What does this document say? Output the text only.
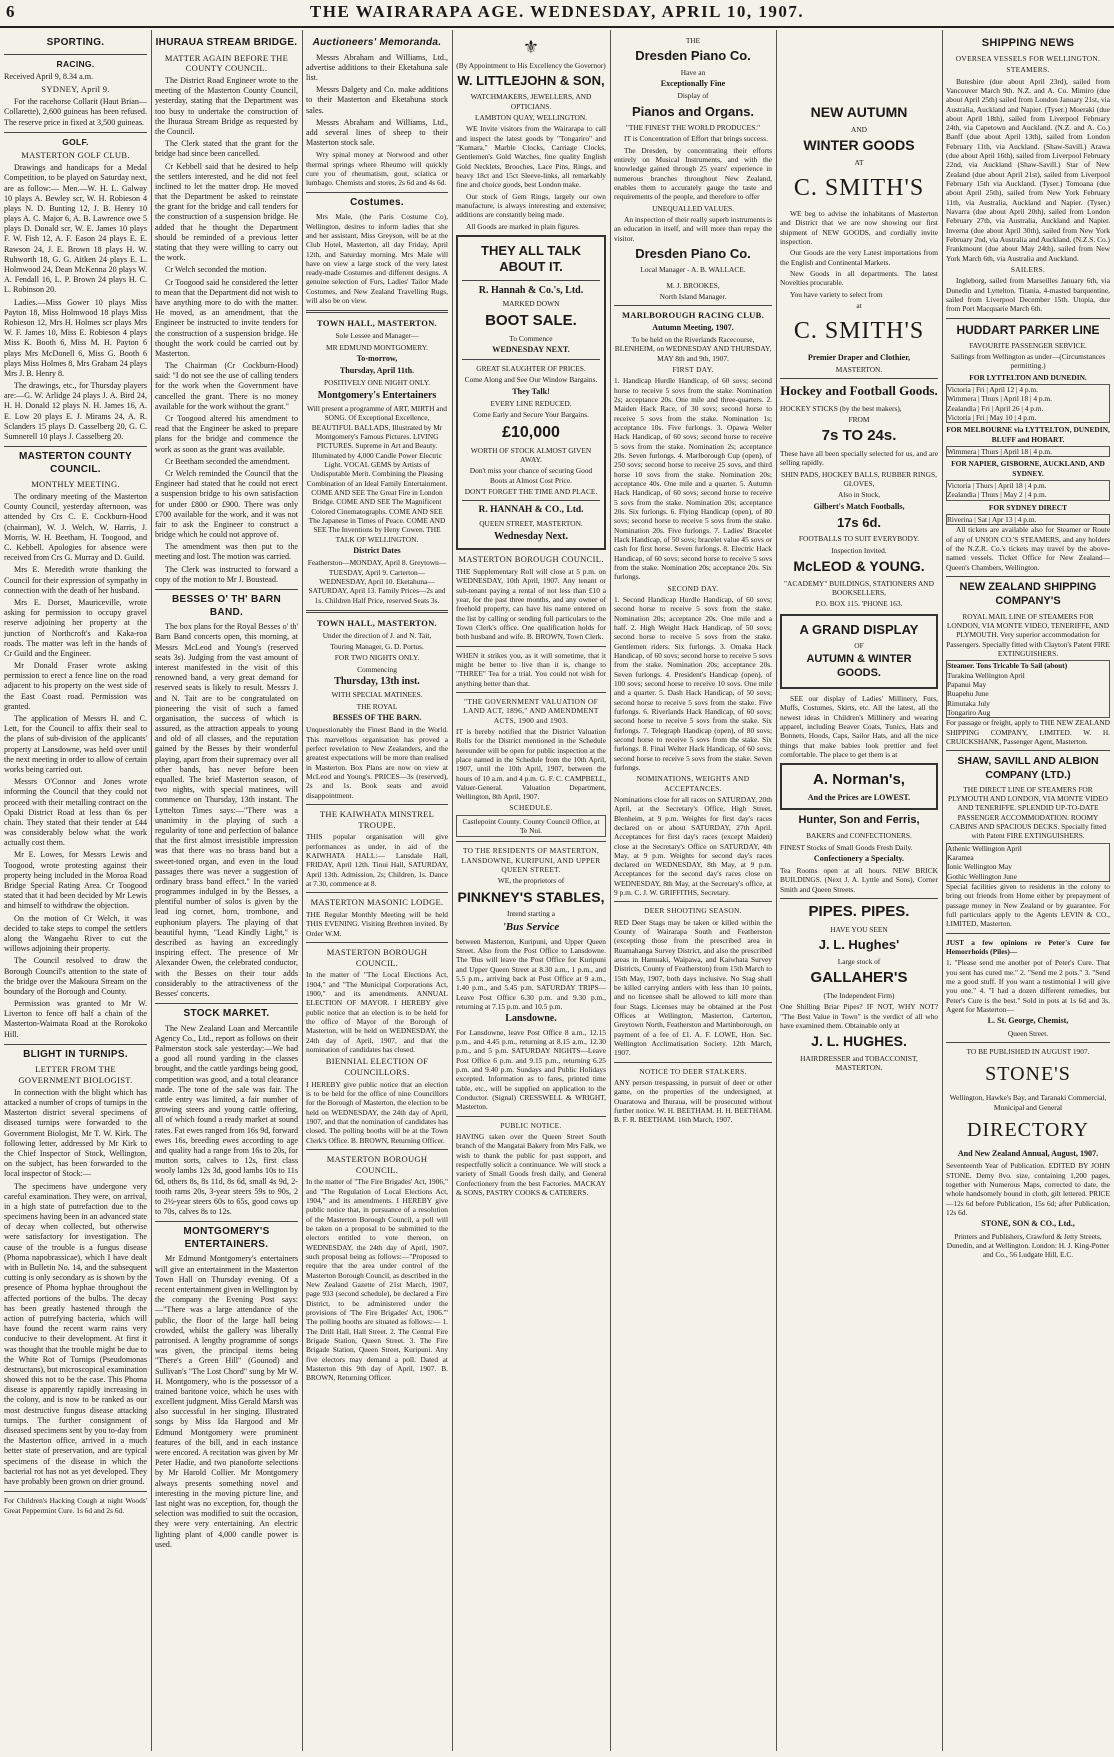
6	THE WAIRARAPA AGE. WEDNESDAY, APRIL 10, 1907.
SPORTING.
RACING.

Received April 9, 8.34 a.m.

SYDNEY, April 9.

For the racehorse Collarit (Haut Brian—Collarette), 2,600 guineas has been refused. The reserve price in fixed at 3,500 guineas.

GOLF.
MASTERTON GOLF CLUB.

Drawings and handicaps for a Medal Competition, to be played on Saturday next, are as follow:— Men.—W. H. L. Galway 10 plays A. Bewley scr, W. H. Robieson 4 plays N. D. Bunting 12, J. B. Henry 10 plays A. C. Major 6, A. B. Lawrence owe 5 plays D. Donald scr, W. E. James 10 plays F. W. Fish 12, A. F. Eason 24 plays E. E. Rawson 24, J. E. Brown 18 plays H. W. Ruhworth 18, G. G. Aitken 24 plays E. L. Holmwood 24, Dean McKenna 20 plays W. A. Fendall 16, L. P. Brown 24 plays H. C. L. Robinson 20.

Ladies.—Miss Gower 10 plays Miss Payton 18, Miss Holmwood 18 plays Miss Robieson 12, Mrs H. Holmes scr plays Mrs W. F. James 10, Miss E. Robieson 4 plays Miss K. Booth 6, Miss M. H. Payton 6 plays Mrs McDonell 6, Miss G. Booth 6 plays Miss Holmes 8, Mrs Graham 24 plays Mrs J. B. Henry 8.

The drawings, etc., for Thursday players are:—G. W. Arlidge 24 plays J. A. Bird 24, H. H. Donald 12 plays N. H. James 16, A. E. Low 20 plays E. J. Mirams 24, A. R. Sclanders 15 plays D. Casselberg 20, G. C. Sumnerell 10 plays J. Casselberg 20.

MASTERTON COUNTY COUNCIL.
MONTHLY MEETING.

The ordinary meeting of the Masterton County Council, yesterday afternoon, was attended by Crs C. E. Cockburn-Hood (chairman), W. J. Welch, W. Harris, J. Morris, W. H. Beetham, H. Toogood, and C. Kebbell. Apologies for absence were received from Crs G. Murray and D. Guild.

Mrs E. Meredith wrote thanking the Council for their expression of sympathy in connection with the death of her husband.

Mrs E. Dorset, Mauriceville, wrote asking for permission to occupy gravel reserve adjoining her property at the junction of Northcroft's and Kaka-roa roads. The matter was left in the hands of Cr Guild and the Engineer.

Mr Donald Fraser wrote asking permission to erect a fence line on the road adjacent to his property on the west side of the East Coast road. Permission was granted.

The application of Messrs H. and C. Lett, for the Council to affix their seal to the plans of sub-division of the applicants' property at Lansdowne, was held over until the next meeting in order to allow of certain works being carried out.

Messrs O'Connor and Jones wrote informing the Council that they could not proceed with their metalling contract on the Opaki District Road at less than 6s per chain. They stated that their tender at £44 was considerably below what the work actually cost them.

Mr E. Lowes, for Messrs Lewis and Toogood, wrote protesting against their property being included in the Moroa Road Bridge Special Rating Area. Cr Toogood stated that it had been decided by Mr Lewis and himself to withdraw the objection.

On the motion of Cr Welch, it was decided to take steps to compel the settlers along the Wangaehu River to cut the willows adjoining their property.

The Council resolved to draw the Borough Council's attention to the state of the bridge over the Makoura Stream on the boundary of the Borough and County.

Permission was granted to Mr W. Liverton to fence off half a chain of the Masterton-Waimata Road at the Rorokoko Hill.

BLIGHT IN TURNIPS.
LETTER FROM THE GOVERNMENT BIOLOGIST.

In connection with the blight which has attacked a number of crops of turnips in the Masterton district several specimens of diseased turnips were forwarded to the Government Biologist, Mr T. W. Kirk. The following letter, addressed by Mr Kirk to the Chief Inspector of Stock, Wellington, on the subject, has been forwarded to the local inspector of Stock:—

The specimens have undergone very careful examination. They were, on arrival, in a high state of putrefaction due to the specimens having been in an advanced state of decay when collected, but otherwise were satisfactory for investigation. The cause of the trouble is a fungus disease (Phoma napobrassicae), which I have dealt with in Bulletin No. 14, and the subsequent cutting is only secondary as is shown by the presence of Phoma hyphae throughout the affected portions of the bulbs. The decay has been greatly hastened through the action of putrefying bacteria, which will have found the recent warm rains very conducive to their development. At first it was thought that the trouble might be due to the White Rot of Turnips (Pseudomonas destructans), but microscopical examination showed this not to be the case. This Phoma disease is apparently rapidly increasing in the colony, and is now to be ranked as our most destructive fungus disease attacking turnips. The further consignment of diseased specimens sent by you to-day from the Masterton office, arrived in a much better state of preservation, and are typical specimens of the disease in which the bacterial rot has not as yet developed. They have probably been grown on drier ground.

For Children's Hacking Cough at night Woods' Great Peppermint Cure. 1s 6d and 2s 6d.

IHURAUA STREAM BRIDGE.
MATTER AGAIN BEFORE THE COUNTY COUNCIL.

The District Road Engineer wrote to the meeting of the Masterton County Council, yesterday, stating that the Department was too busy to undertake the construction of the Ihuraua Stream Bridge as requested by the Council.

The Clerk stated that the grant for the bridge had since been cancelled.

Cr Kebbell said that he desired to help the settlers interested, and he did not feel inclined to let the matter drop. He moved that the Department be asked to reinstate the grant for the bridge and call tenders for the construction of a suspension bridge. He added that he thought the Department should be reminded of a previous letter stating that they were willing to carry out the work.

Cr Welch seconded the motion.

Cr Toogood said he considered the letter to mean that the Department did not wish to have anything more to do with the matter. He moved, as an amendment, that the Engineer be instructed to invite tenders for the construction of a suspension bridge. He thought the work could be carried out by Masterton.

The Chairman (Cr Cockburn-Hood) said: "I do not see the use of calling tenders for the work when the Government have cancelled the grant. There is no money available for the work without the grant."

Cr Toogood altered his amendment to read that the Engineer be asked to prepare plans for the bridge and commence the work as soon as the grant was available.

Cr Beetham seconded the amendment.

Cr Welch reminded the Council that the Engineer had stated that he could not erect a suspension bridge to his own satisfaction for under £800 or £900. There was only £700 available for the work, and it was not fair to ask the Engineer to construct a bridge which he could not approve of.

The amendment was then put to the meeting and lost. The motion was carried.

The Clerk was instructed to forward a copy of the motion to Mr J. Boustead.

BESSES O' TH' BARN BAND.

The box plans for the Royal Besses o' th' Barn Band concerts open, this morning, at Messrs McLeod and Young's (reserved seats 3s). Judging from the vast amount of interest manifested in the visit of this renowned band, a very great demand for reserved seats is likely to result. Messrs J. and N. Tait are to be congratulated on pioneering the visit of such a famed organisation, the success of which is assured, as the attraction appeals to young and old of all classes, and the reputation gained by the Besses by their wonderful playing, apart from their supremacy over all other bands, has never before been equalled. The brief Masterton season, of two nights, with special matinees, will commence on Thursday, 13th instant. The Lyttelton Times says:—"There was a unanimity in the playing of such a regularity of tone and perfection of balance that the first almost irresistible impression was that there was no brass band but a sweet-toned organ, and even in the loud passages there was never a suggestion of ordinary brass band effect." In the varied programmes indulged in by the Besses, a plentiful number of solos is given by the lead ing cornet, horn, trombone, and euphonium players. The playing of that beautiful hymn, "Lead Kindly Light," is described as having an exceedingly inspiring effect. The presence of Mr Alexander Owen, the celebrated conductor, with the Besses on their tour adds considerably to the attractiveness of the Besses' concerts.

STOCK MARKET.

The New Zealand Loan and Mercantile Agency Co., Ltd., report as follows on their Palmerston stock sale yesterday:—We had a good all round yarding in the classes brought, and the cattle yardings being good, competition was good, and a total clearance made. The tone of the sale was fair. The cattle entry was limited, a fair number of growing steers and young cattle offering, all of which found a ready market at sound rates. Fat ewes ranged from 16s 9d, forward ewes 16s, breeding ewes according to age and quality had a range from 16s to 20s, for mutton sorts, calves to 12s, first class wooly lambs 12s 3d, good lambs 10s to 11s 6d, others 8s, 8s 11d, 8s 6d, small 4s 9d, 2-tooth rams 20s, 3-year steers 59s to 90s, 2 to 2½-year steers 60s to 65s, good cows up to 70s, calves 8s to 12s.

MONTGOMERY'S ENTERTAINERS.

Mr Edmund Montgomery's entertainers will give an entertainment in the Masterton Town Hall on Thursday evening. Of a recent entertainment given in Wellington by the company the Evening Post says:—"There was a large attendance of the public, the floor of the large hall being crowded, whilst the gallery was liberally patronised. A lengthy programme of songs was given, the principal items being "There's a Green Hill" (Gounod) and Sullivan's "The Lost Chord" sung by Mr W. H. Montgomery, who is the possessor of a trained baritone voice, which he uses with excellent judgment. Miss Gerald Marsh was also successful in her singing. Illustrated songs by Miss Ida Hargood and Mr Edmund Montgomery were prominent features of the bill, and in each instance were encored. A recitation was given by Mr Peter Hadie, and two pianoforte selections by Mr Harold Collier. Mr Montgomery always presents something novel and interesting in the moving picture line, and last night was no exception, for, though the selection was modified to suit the occasion, they were very entertaining. An electric lighting plant of 4,000 candle power is used.

Auctioneers' Memoranda.

Messrs Abraham and Williams, Ltd., advertise additions to their Eketahuna sale list.

Messrs Dalgety and Co. make additions to their Masterton and Eketahuna stock sales.

Messrs Abraham and Williams, Ltd., add several lines of sheep to their Masterton stock sale.

Wry spinal money at Norwood and other thermal springs where Rheumo will quickly cure you of rheumatism, gout, sciatica or lumbago. Chemists and stores, 2s 6d and 4s 6d.

Costumes.

Mrs Male, (the Paris Costume Co), Wellington, desires to inform ladies that she and her assistant, Miss Greyson, will be at the Club Hotel, Masterton, all day Friday, April 12th, and Saturday morning. Mrs Male will have on view a large stock of the very latest ready-made Costumes and different designs. A genuine selection of Furs, Ladies' Tailor Made Costumes, and New Zealand Travelling Rugs, will also be on view.

TOWN HALL, MASTERTON.
Sole Lessee and Manager—
MR EDMUND MONTGOMERY.
To-morrow,
Thursday, April 11th.
POSITIVELY ONE NIGHT ONLY.
Montgomery's Entertainers

Will present a programme of ART, MIRTH and SONG. Of Exceptional Excellence, BEAUTIFUL BALLADS, Illustrated by Mr Montgomery's Famous Pictures. LIVING PICTURES. Supreme in Art and Beauty. Illuminated by 4,000 Candle Power Electric Light. VOCAL GEMS by Artists of Undisputable Merit. Combining the Pleasing Combination of an Ideal Family Entertainment. COME AND SEE The Great Fire in London Bridge. COME AND SEE The Magnificent Colored Cinematographs. COME AND SEE The Japanese in Times of Peace. COME AND SEE The Inventions by Heny Cowen. THE TALK OF WELLINGTON.

District Dates

Featherston—MONDAY, April 8. Greytown—TUESDAY, April 9. Carterton—WEDNESDAY, April 10. Eketahuna—SATURDAY, April 13. Family Prices—2s and 1s. Children Half Price, reserved Seats 3s.

TOWN HALL, MASTERTON.
Under the direction of J. and N. Tait,
Touring Manager, G. D. Portus.
FOR TWO NIGHTS ONLY.
Commencing
Thursday, 13th inst.
WITH SPECIAL MATINEES.
THE ROYAL
BESSES OF THE BARN.

Unquestionably the Finest Band in the World. This marvellous organisation has proved a perfect revelation to New Zealanders, and the greatest expectations will be more than realised in Masterton. Box Plans are now on view at McLeod and Young's. PRICES—3s (reserved), 2s and 1s. Book seats and avoid disappointment.

THE KAIWHATA MINSTREL TROUPE.

THIS popular organisation will give performances as under, in aid of the KAIWHATA HALL:— Lansdale Hall, FRIDAY, April 12th. Tinui Hall, SATURDAY, April 13th. Admission, 2s; Children, 1s. Dance at 7.30, commence at 8.

MASTERTON MASONIC LODGE.

THE Regular Monthly Meeting will be held THIS EVENING. Visiting Brethren invited. By Order W.M.

MASTERTON BOROUGH COUNCIL.

In the matter of "The Local Elections Act, 1904," and "The Municipal Corporations Act, 1900," and its amendments. ANNUAL ELECTION OF MAYOR. I HEREBY give public notice that an election is to be held for the office of Mayor of the Borough of Masterton, will be held on WEDNESDAY, the 24th day of April, 1907, and that the nomination of candidates has closed.

BIENNIAL ELECTION OF COUNCILLORS.

I HEREBY give public notice that an election is to be held for the office of nine Councillors for the Borough of Masterton, the election to be held on WEDNESDAY, the 24th day of April, 1907, and that the nomination of candidates has closed. The polling booths will be at the Town Clerk's Office. B. BROWN, Returning Officer.

MASTERTON BOROUGH COUNCIL.

In the matter of "The Fire Brigades' Act, 1906," and "The Regulation of Local Elections Act, 1904," and its amendments. I HEREBY give public notice that, in pursuance of a resolution of the Masterton Borough Council, a poll will be taken on a proposal to be submitted to the electors entitled to vote thereon, on WEDNESDAY, the 24th day of April, 1907, such proposal being as follows:—"Proposed to require that the area under control of the Masterton Borough Council, as described in the New Zealand Gazette of 21st March, 1907, page 933 (second schedule), be declared a Fire District, to be administered under the provisions of 'The Fire Brigades' Act, 1906.'" The polling booths are situated as follows:— 1. The Drill Hall, Hall Street. 2. The Central Fire Brigade Station, Queen Street. 3. The Fire Brigade Station, Queen Street, Kuripuni. Any five electors may demand a poll. Dated at Masterton this 9th day of April, 1907. B. BROWN, Returning Officer.

⚜
(By Appointment to His Excellency the Governor)
W. LITTLEJOHN & SON,
WATCHMAKERS, JEWELLERS, AND OPTICIANS.
LAMBTON QUAY, WELLINGTON.

WE Invite visitors from the Wairarapa to call and inspect the latest goods by "Tongariro" and "Kumara." Marble Clocks, Carriage Clocks, Gentlemen's Gold Watches, fine quality English Gold Necklets, Brooches, Lace Pins, Rings, and heavy 18ct and 15ct Sleeve-links, all remarkably fine and choice goods, best London make.

Our stock of Gem Rings, largely our own manufacture, is always interesting and extensive; additions are constantly being made.

All Goods are marked in plain figures.

THEY ALL TALK ABOUT IT.
R. Hannah & Co.'s, Ltd.
MARKED DOWN
BOOT SALE.
To Commence
WEDNESDAY NEXT.
GREAT SLAUGHTER OF PRICES.
Come Along and See Our Window Bargains.
They Talk!
EVERY LINE REDUCED.
Come Early and Secure Your Bargains.
£10,000
WORTH OF STOCK ALMOST GIVEN AWAY.
Don't miss your chance of securing Good Boots at Almost Cost Price.
DON'T FORGET THE TIME AND PLACE.
R. HANNAH & CO., Ltd.
QUEEN STREET, MASTERTON.
Wednesday Next.
MASTERTON BOROUGH COUNCIL.

THE Supplementary Roll will close at 5 p.m. on WEDNESDAY, 10th April, 1907. Any tenant or sub-tenant paying a rental of not less than £10 a year, for the past three months, and any owner of freehold property, can have his name entered on the list by calling or sending full particulars to the Town Clerk's office. One qualification holds for both husband and wife. B. BROWN, Town Clerk.

WHEN it strikes you, as it will sometime, that it might be better to live than it is, change to "THREE" Tea for a trial. You could not wish for anything better than that.

"THE GOVERNMENT VALUATION OF LAND ACT, 1896," AND AMENDMENT ACTS, 1900 and 1903.

IT is hereby notified that the District Valuation Rolls for the District mentioned in the Schedule hereunder will be open for public inspection at the place named in the Schedule from the 10th April, 1907, until the 10th April, 1907, between the hours of 10 a.m. and 4 p.m. G. F. C. CAMPBELL, Valuer-General. Valuation Department, Wellington, 8th April, 1907.

SCHEDULE.
Castlepoint County. County Council Office, at Te Nui.
TO THE RESIDENTS OF MASTERTON, LANSDOWNE, KURIPUNI, AND UPPER QUEEN STREET.
WE, the proprietors of
PINKNEY'S STABLES,
Intend starting a
'Bus Service

between Masterton, Kuripuni, and Upper Queen Street. Also from the Post Office to Lansdowne. The 'Bus will leave the Post Office for Kuripuni and Upper Queen Street at 8.30 a.m., 1 p.m., and 5.5 p.m., arriving back at Post Office at 9 a.m., 1.40 p.m., and 5.45 p.m. SATURDAY TRIPS—Leave Post Office 6.30 p.m. and 9.30 p.m., returning at 7.15 p.m. and 10.5 p.m.

Lansdowne.

For Lansdowne, leave Post Office 8 a.m., 12.15 p.m., and 4.45 p.m., returning at 8.15 a.m., 12.30 p.m., and 5 p.m. SATURDAY NIGHTS—Leave Post Office 6 p.m. and 9.15 p.m., returning 6.25 p.m. and 9.40 p.m. Sundays and Public Holidays excepted. Information as to fares, printed time table, etc., will be supplied on application to the Conductor. (Signal) CRESSWELL & WRIGHT, Masterton.

PUBLIC NOTICE.

HAVING taken over the Queen Street South branch of the Mangatai Bakery from Mrs Falk, we wish to thank the public for past support, and respectfully solicit a continuance. We will stock a variety of Small Goods fresh daily, and General Confectionery from the best Factories. MACKAY & SONS, PASTRY COOKS & CATERERS.

THE
Dresden Piano Co.
Have an
Exceptionally Fine
Display of
Pianos and Organs.
"THE FINEST THE WORLD PRODUCES."

IT is Concentration of Effort that brings success.

The Dresden, by concentrating their efforts entirely on Musical Instruments, and with the knowledge gained through 25 years' experience in numerous branches throughout New Zealand, enables them to accurately gauge the taste and requirements of the people, and therefore to offer

UNEQUALLED VALUES.

An inspection of their really superb instruments is an education in itself, and will more than repay the visitor.

Dresden Piano Co.
Local Manager - A. B. WALLACE.
M. J. BROOKES,
North Island Manager.
MARLBOROUGH RACING CLUB.
Autumn Meeting, 1907.

To be held on the Riverlands Racecourse, BLENHEIM, on WEDNESDAY AND THURSDAY, MAY 8th and 9th, 1907.

FIRST DAY.

1. Handicap Hurdle Handicap, of 60 sovs; second horse to receive 5 sovs from the stake. Nomination 2s; acceptance 20s. One mile and three-quarters. 2. Maiden Hack Race, of 30 sovs; second horse to receive 5 sovs from the stake. Nomination 1s; acceptance 10s. Five furlongs. 3. Opawa Welter Hack Handicap, of 60 sovs; second horse to receive 5 sovs from the stake. Nomination 2s; acceptance 20s. Seven furlongs. 4. Marlborough Cup (open), of 250 sovs; second horse to receive 25 sovs, and third horse 10 sovs from the stake. Nomination 20s; acceptance 40s. One mile and a quarter. 5. Autumn Hack Handicap, of 60 sovs; second horse to receive 5 sovs from the stake. Nomination 20s; acceptance 20s. Six furlongs. 6. Flying Handicap (open), of 80 sovs; second horse to receive 5 sovs from the stake. Nomination 20s. Five furlongs. 7. Ladies' Bracelet Hack Handicap, of 50 sovs; bracelet value 45 sovs or cash for first horse. Seven furlongs. 8. Electric Hack Handicap, of 60 sovs; second horse to receive 5 sovs from the stake. Nomination 20s; acceptance 20s. Six furlongs.

SECOND DAY.

1. Second Handicap Hurdle Handicap, of 60 sovs; second horse to receive 5 sovs from the stake. Nomination 20s; acceptance 20s. One mile and a half. 2. High Weight Hack Handicap, of 50 sovs; second horse to receive 5 sovs from the stake. Gentlemen riders. Six furlongs. 3. Omaka Hack Handicap, of 60 sovs; second horse to receive 5 sovs from the stake. Nomination 20s; acceptance 20s. Seven furlongs. 4. President's Handicap (open), of 100 sovs; second horse to receive 10 sovs. One mile and a quarter. 5. Dash Hack Handicap, of 50 sovs; second horse to receive 5 sovs from the stake. Five furlongs. 6. Riverlands Hack Handicap, of 60 sovs; second horse to receive 5 sovs from the stake. Six furlongs. 7. Telegraph Handicap (open), of 80 sovs; second horse to receive 5 sovs from the stake. Six furlongs. 8. Final Welter Hack Handicap, of 60 sovs; second horse to receive 5 sovs from the stake. Seven furlongs.

NOMINATIONS, WEIGHTS AND ACCEPTANCES.

Nominations close for all races on SATURDAY, 20th April, at the Secretary's Office, High Street, Blenheim, at 9 p.m. Weights for first day's races declared on or about SATURDAY, 27th April. Acceptances for first day's races (except Maiden) close at the Secretary's Office on SATURDAY, 4th May, at 9 p.m. Weights for second day's races declared on WEDNESDAY, 8th May, at 9 p.m. Acceptances for the second day's races close on WEDNESDAY, 8th May, at the Secretary's office, at 9 p.m. C. J. W. GRIFFITHS, Secretary.

DEER SHOOTING SEASON.

RED Deer Stags may be taken or killed within the County of Wairarapa South and Featherston (excepting those from the prescribed area in Ruamahanga Survey District, and also the prescribed areas in Hamuaki, Waipawa, and Kaiwhata Survey Districts, County of Featherston) from 15th March to 15th May, 1907, both days inclusive. No Stag shall be killed carrying antlers with less than 10 points, and no licensee shall be allowed to kill more than four Stags. Licenses may be obtained at the Post Offices at Wellington, Masterton, Carterton, Greytown North, Featherston and Martinborough, on payment of a fee of £1. A. F. LOWE, Hon. Sec. Wellington Acclimatisation Society. 12th March, 1907.

NOTICE TO DEER STALKERS.

ANY person trespassing, in pursuit of deer or other game, on the properties of the undersigned, at Ouaratowa and Ihuraua, will be prosecuted without further notice. W. H. BEETHAM. H. H. BEETHAM. B. F. R. BEETHAM. 16th March, 1907.

NEW AUTUMN
AND
WINTER GOODS
AT
C. SMITH'S

WE beg to advise the inhabitants of Masterton and District that we are now showing our first shipment of NEW GOODS, and cordially invite inspection.

Our Goods are the very Latest importations from the English and Continental Markets.

New Goods in all departments. The latest Novelties procurable.

You have variety to select from

at
C. SMITH'S
Premier Draper and Clothier,
MASTERTON.
Hockey and Football Goods.

HOCKEY STICKS (by the best makers),

FROM
7s TO 24s.

These have all been specially selected for us, and are selling rapidly.

SHIN PADS, HOCKEY BALLS, RUBBER RINGS, GLOVES,
Also in Stock,
Gilbert's Match Footballs,
17s 6d.
FOOTBALLS TO SUIT EVERYBODY.
Inspection Invited.
McLEOD & YOUNG.
"ACADEMY" BUILDINGS, STATIONERS AND BOOKSELLERS,
P.O. BOX 115. 'PHONE 163.
A GRAND DISPLAY
OF
AUTUMN & WINTER GOODS.

SEE our display of Ladies' Millinery, Furs, Muffs, Costumes, Skirts, etc. All the latest, all the newest ideas in Children's Millinery and wearing apparel, including Beaver Coats, Tunics, Hats and Bonnets, Hoods, Caps, Sailor Hats, and all the nice things that make babies look prettier and feel comfortable. The place to get them is at

A. Norman's,
And the Prices are LOWEST.
Hunter, Son and Ferris,
BAKERS and CONFECTIONERS.

FINEST Stocks of Small Goods Fresh Daily.

Confectionery a Specialty.

Tea Rooms open at all hours. NEW BRICK BUILDINGS. (Next J. A. Lyttle and Sons), Corner Smith and Queen Streets.

PIPES. PIPES.
HAVE YOU SEEN
J. L. Hughes'
Large stock of
GALLAHER'S
(The Independent Firm)

One Shilling Briar Pipes? IF NOT, WHY NOT? "The Best Value in Town" is the verdict of all who have examined them. Obtainable only at

J. L. HUGHES.
HAIRDRESSER and TOBACCONIST, MASTERTON.
SHIPPING NEWS
OVERSEA VESSELS FOR WELLINGTON.
STEAMERS.

Buteshire (due about April 23rd), sailed from Vancouver March 9th. N.Z. and A. Co. Mimiro (due about April 25th) sailed from London January 21st, via Australia, Auckland and Napier. (Tyser.) Moeraki (due about April 18th), sailed from Liverpool February 24th, via Capetown and Auckland. (N.Z. and A. Co.) Banff (due about April 13th), sailed from London February 11th, via Auckland. (Shaw-Savill.) Arawa (due about April 16th), sailed from Liverpool February 22nd, via Auckland (Shaw-Savill.) Star of New Zealand (due about April 21st), sailed from Liverpool February 15th via Auckland. (Tyser.) Tomoana (due about April 25th), sailed from New York February 11th, via Australia, Auckland and Napier. (Tyser.) Navarra (due about April 20th), sailed from London February 27th, via Australia, Auckland and Napier. Inverna (due about April 30th), sailed from New York February 2nd, via Australia and Auckland. (N.Z.S. Co.) Frankmount (due about May 24th), sailed from New York March 6th, via Australia and Auckland.

SAILERS.

Ingleborg, sailed from Marseilles January 6th, via Dunedin and Lyttelton. Titania, 4-masted barquentine, sailed from Liverpool December 15th. Utopia, due from Port Macquarie March 6th.

HUDDART PARKER LINE
FAVOURITE PASSENGER SERVICE.
Sailings from Wellington as under—(Circumstances permitting.)
FOR LYTTELTON AND DUNEDIN.
Victoria | Fri | April 12 | 4 p.m.
Wimmera | Thurs | April 18 | 4 p.m.
Zealandia | Fri | April 26 | 4 p.m.
Victoria | Fri | May 10 | 4 p.m.
FOR MELBOURNE via LYTTELTON, DUNEDIN, BLUFF and HOBART.
Wimmera | Thurs | April 18 | 4 p.m.
FOR NAPIER, GISBORNE, AUCKLAND, AND SYDNEY.
Victoria | Thurs | April 18 | 4 p.m.
Zealandia | Thurs | May 2 | 4 p.m.
FOR SYDNEY DIRECT
Riverina | Sat | Apr 13 | 4 p.m.

All tickets are available also for Steamer or Route of any of UNION CO.'S STEAMERS, and any holders of the N.Z.R. Co.'s tickets may travel by the above-named vessels. Ticket Office for New Zealand—Queen's Chambers, Wellington.

NEW ZEALAND SHIPPING COMPANY'S

ROYAL MAIL LINE OF STEAMERS FOR LONDON, VIA MONTE VIDEO, TENERIFFE, AND PLYMOUTH. Very superior accommodation for Passengers. Specially fitted with Clayton's Patent FIRE EXTINGUISHERS.

Steamer. Tons Tricable To Sail (about)
Turakina Wellington April
Papanui May
Ruapehu June
Rimutaka July
Tongariro Aug

For passage or freight, apply to THE NEW ZEALAND SHIPPING COMPANY, LIMITED. W. H. CRUICKSHANK, Passenger Agent, Masterton.

SHAW, SAVILL AND ALBION COMPANY (LTD.)

THE DIRECT LINE OF STEAMERS FOR PLYMOUTH AND LONDON, VIA MONTE VIDEO AND TENERIFFE. SPLENDID UP-TO-DATE PASSENGER ACCOMMODATION. ROOMY CABINS AND SPACIOUS DECKS. Specially fitted with Patent FIRE EXTINGUISHERS.

Athenic Wellington April
Karamea
Ionic Wellington May
Gothic Wellington June

Special facilities given to residents in the colony to bring out friends from Home either by prepayment of passage money in New Zealand or by guarantee. For full particulars apply to the Agents LEVIN & CO., LIMITED, Masterton.

JUST a few opinions re Peter's Cure for Hemorrhoids (Piles)—

1. "Please send me another pot of Peter's Cure. That you sent has cured me." 2. "Send me 2 pots." 3. "Send me a good stuff. If you want a testimonial I will give you one." 4. "I had a dozen different remedies, but Peter's Cure is the best." Sold in pots at 1s 6d and 3s. Agent for Masterton—

L. St. George, Chemist,
Queen Street.
TO BE PUBLISHED IN AUGUST 1907.
STONE'S
Wellington, Hawke's Bay, and Taranaki Commercial, Municipal and General
DIRECTORY
And New Zealand Annual, August, 1907.

Seventeenth Year of Publication. EDITED BY JOHN STONE. Demy 8vo. size, containing 1,200 pages, together with Numerous Maps, corrected to date, the whole handsomely bound in cloth, gilt lettered. PRICE—12s 6d before Publication, 15s 6d; after Publication, 12s 6d.

STONE, SON & CO., Ltd.,

Printers and Publishers, Crawford & Jetty Streets, Dunedin, and at Wellington. London: H. J. King-Potter and Co., 56 Ludgate Hill, E.C.
